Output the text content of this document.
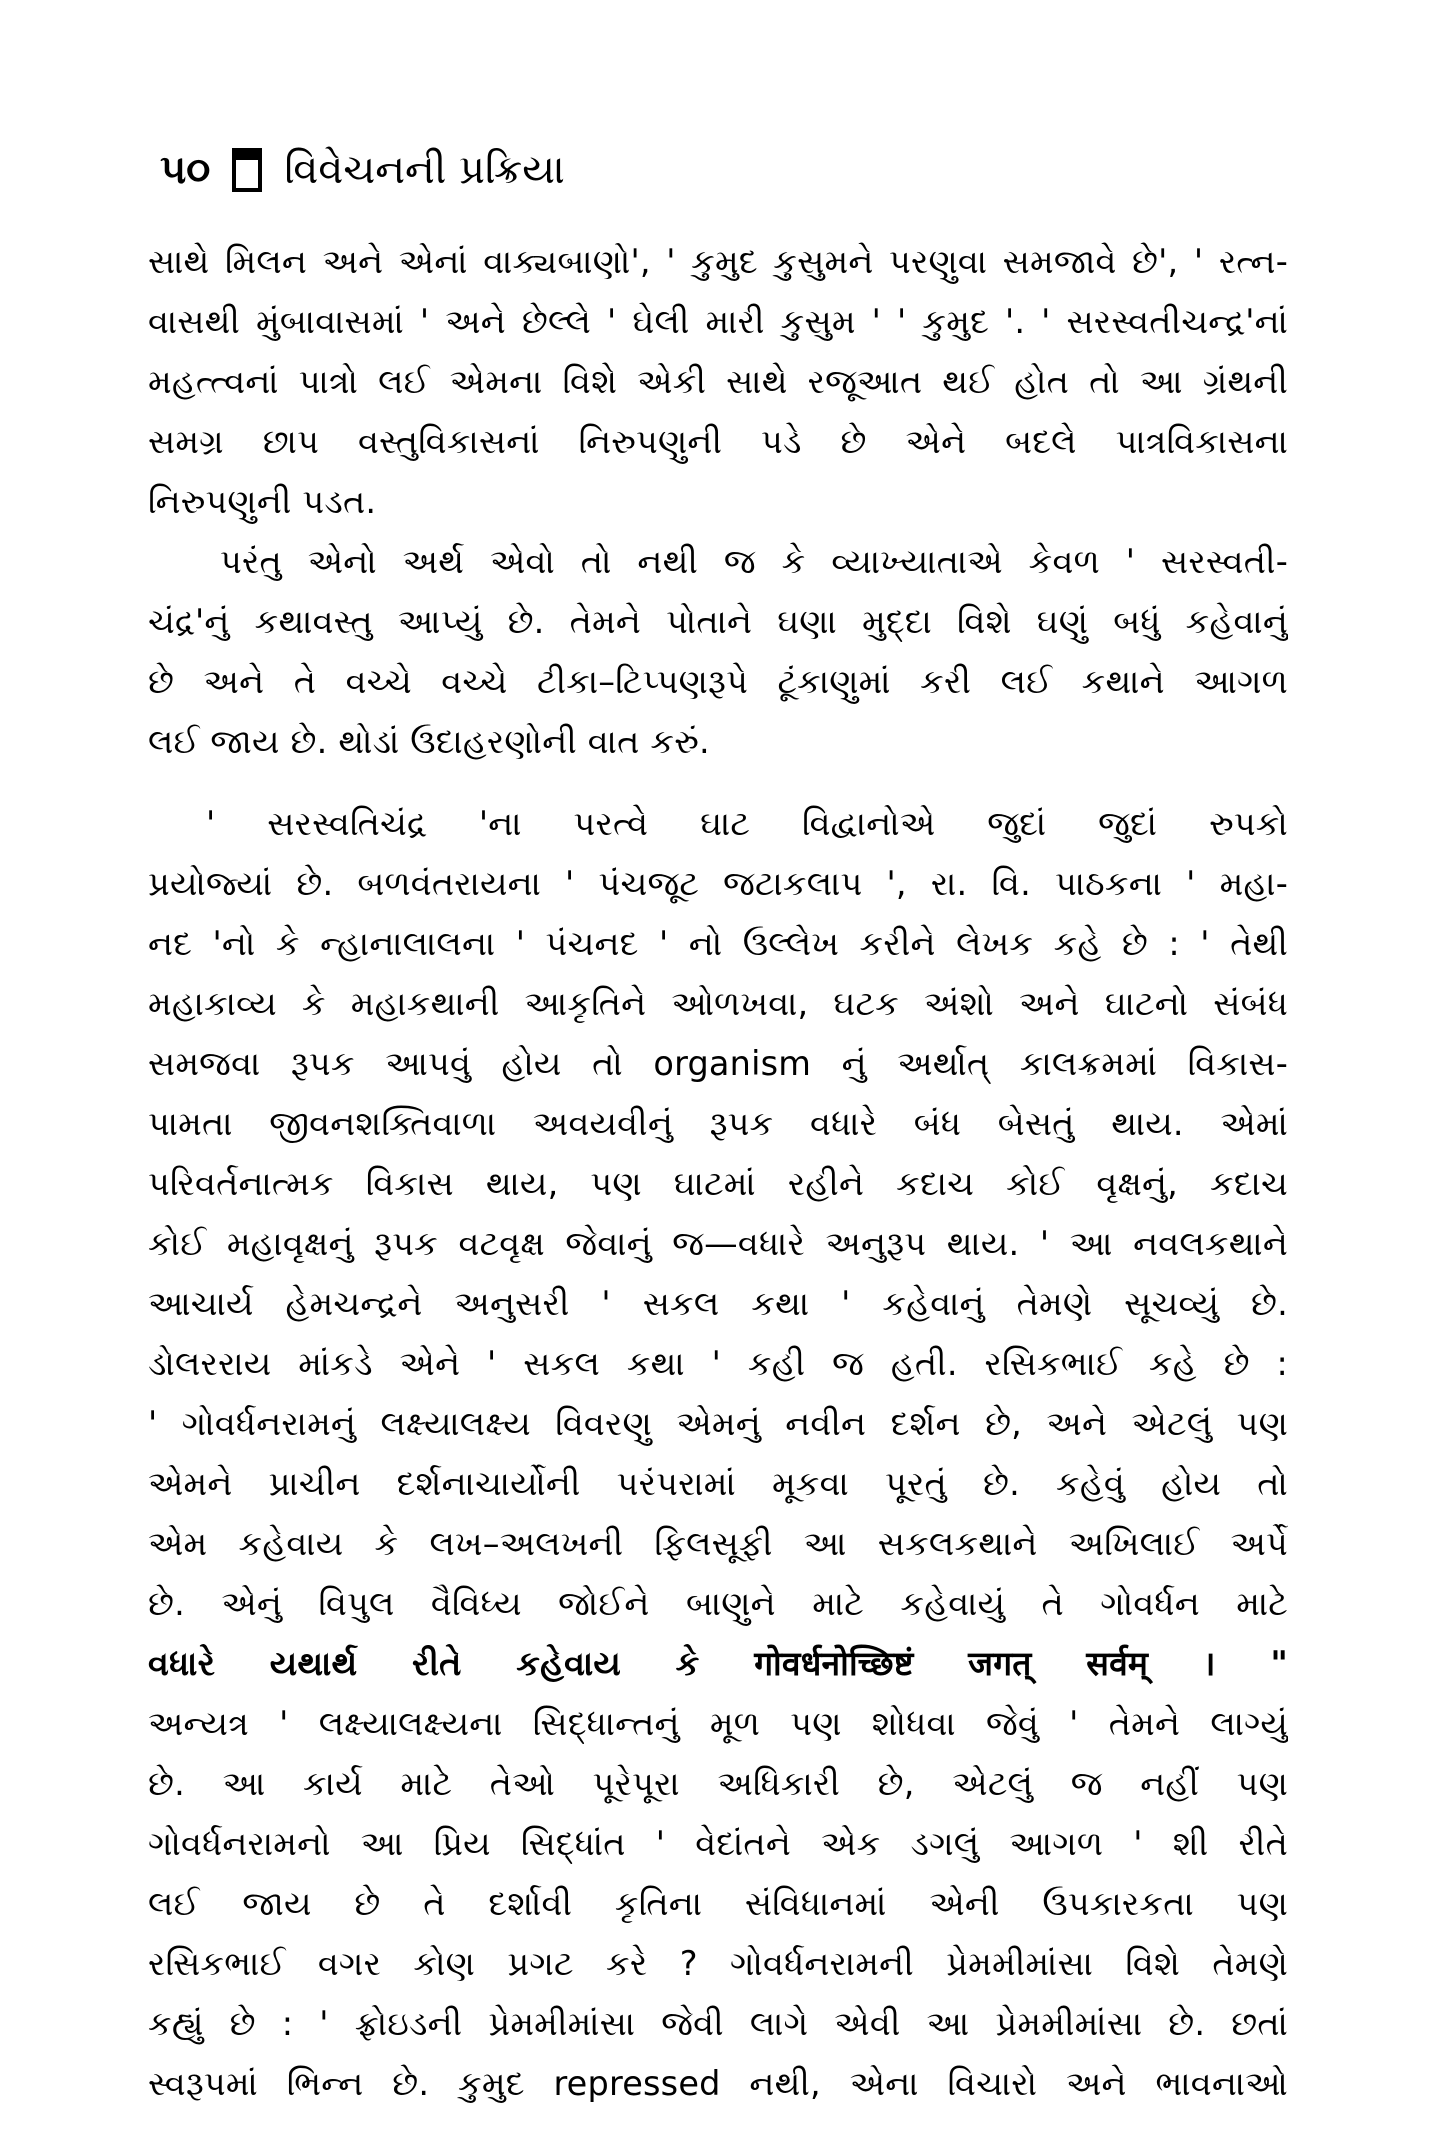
૫૦ વિવેચનની પ્રક્રિયા
સાથે મિલન અને એનાં વાક્યબાણો', ' કુમુદ કુસુમને પરણુવા સમજાવે છે', ' રત્ન-
વાસથી મુંબાવાસમાં ' અને છેલ્લે ' ઘેલી મારી કુસુમ ' ' કુમુદ '. ' સરસ્વતીચન્દ્ર'નાં
મહત્ત્વનાં પાત્રો લઈ એમના વિશે એકી સાથે રજૂઆત થઈ હોત તો આ ગ્રંથની
સમગ્ર છાપ વસ્તુવિકાસનાં નિરુપણુની પડે છે એને બદલે પાત્રવિકાસના
નિરુપણુની પડત.
પરંતુ એનો અર્થ એવો તો નથી જ કે વ્યાખ્યાતાએ કેવળ ' સરસ્વતી-
ચંદ્ર'નું કથાવસ્તુ આપ્યું છે. તેમને પોતાને ઘણા મુદ્દા વિશે ઘણું બધું કહેવાનું
છે અને તે વચ્ચે વચ્ચે ટીકા–ટિપ્પણરૂપે ટૂંકાણુમાં કરી લઈ કથાને આગળ
લઈ જાય છે. થોડાં ઉદાહરણોની વાત કરું.
' સરસ્વતિચંદ્ર 'ના પરત્વે ઘાટ વિદ્વાનોએ જુદાં જુદાં રુપકો
પ્રયોજ્યાં છે. બળવંતરાયના ' પંચજૂટ જટાકલાપ ', રા. વિ. પાઠકના ' મહા-
નદ 'નો કે ન્હાનાલાલના ' પંચનદ ' નો ઉલ્લેખ કરીને લેખક કહે છે : ' તેથી
મહાકાવ્ય કે મહાકથાની આકૃતિને ઓળખવા, ઘટક અંશો અને ઘાટનો સંબંધ
સમજવા રૂપક આપવું હોય તો organism નું અર્થાત્ કાલક્રમમાં વિકાસ-
પામતા જીવનશક્તિવાળા અવયવીનું રૂપક વધારે બંધ બેસતું થાય. એમાં
પરિવર્તનાત્મક વિકાસ થાય, પણ ઘાટમાં રહીને કદાચ કોઈ વૃક્ષનું, કદાચ
કોઈ મહાવૃક્ષનું રૂપક વટવૃક્ષ જેવાનું જ—વધારે અનુરૂપ થાય. ' આ નવલકથાને
આચાર્ય હેમચન્દ્રને અનુસરી ' સકલ કથા ' કહેવાનું તેમણે સૂચવ્યું છે.
ડોલરરાય માંકડે એને ' સકલ કથા ' કહી જ હતી. રસિકભાઈ કહે છે :
' ગોવર્ધનરામનું લક્ષ્યાલક્ષ્ય વિવરણુ એમનું નવીન દર્શન છે, અને એટલું પણ
એમને પ્રાચીન દર્શનાચાર્યોની પરંપરામાં મૂકવા પૂરતું છે. કહેવું હોય તો
એમ કહેવાય કે લખ–અલખની ફિલસૂફી આ સકલકથાને અખિલાઈ અર્પે
છે. એનું વિપુલ વૈવિધ્ય જોઈને બાણુને માટે કહેવાયું તે ગોવર્ધન માટે
વધારે યથાર્થ રીતે કહેવાય કે गोवर्धनोच्छिष्टं जगत् सर्वम् । "
અન્યત્ર ' લક્ષ્યાલક્ષ્યના સિદ્ધાન્તનું મૂળ પણ શોધવા જેવું ' તેમને લાગ્યું
છે. આ કાર્ય માટે તેઓ પૂરેપૂરા અધિકારી છે, એટલું જ નહીં પણ
ગોવર્ધનરામનો આ પ્રિય સિદ્ધાંત ' વેદાંતને એક ડગલું આગળ ' શી રીતે
લઈ જાય છે તે દર્શાવી કૃતિના સંવિધાનમાં એની ઉપકારકતા પણ
રસિકભાઈ વગર કોણ પ્રગટ કરે ? ગોવર્ધનરામની પ્રેમમીમાંસા વિશે તેમણે
કહ્યું છે : ' ફ્રોઇડની પ્રેમમીમાંસા જેવી લાગે એવી આ પ્રેમમીમાંસા છે. છતાં
સ્વરૂપમાં ભિન્ન છે. કુમુદ repressed નથી, એના વિચારો અને ભાવનાઓ
